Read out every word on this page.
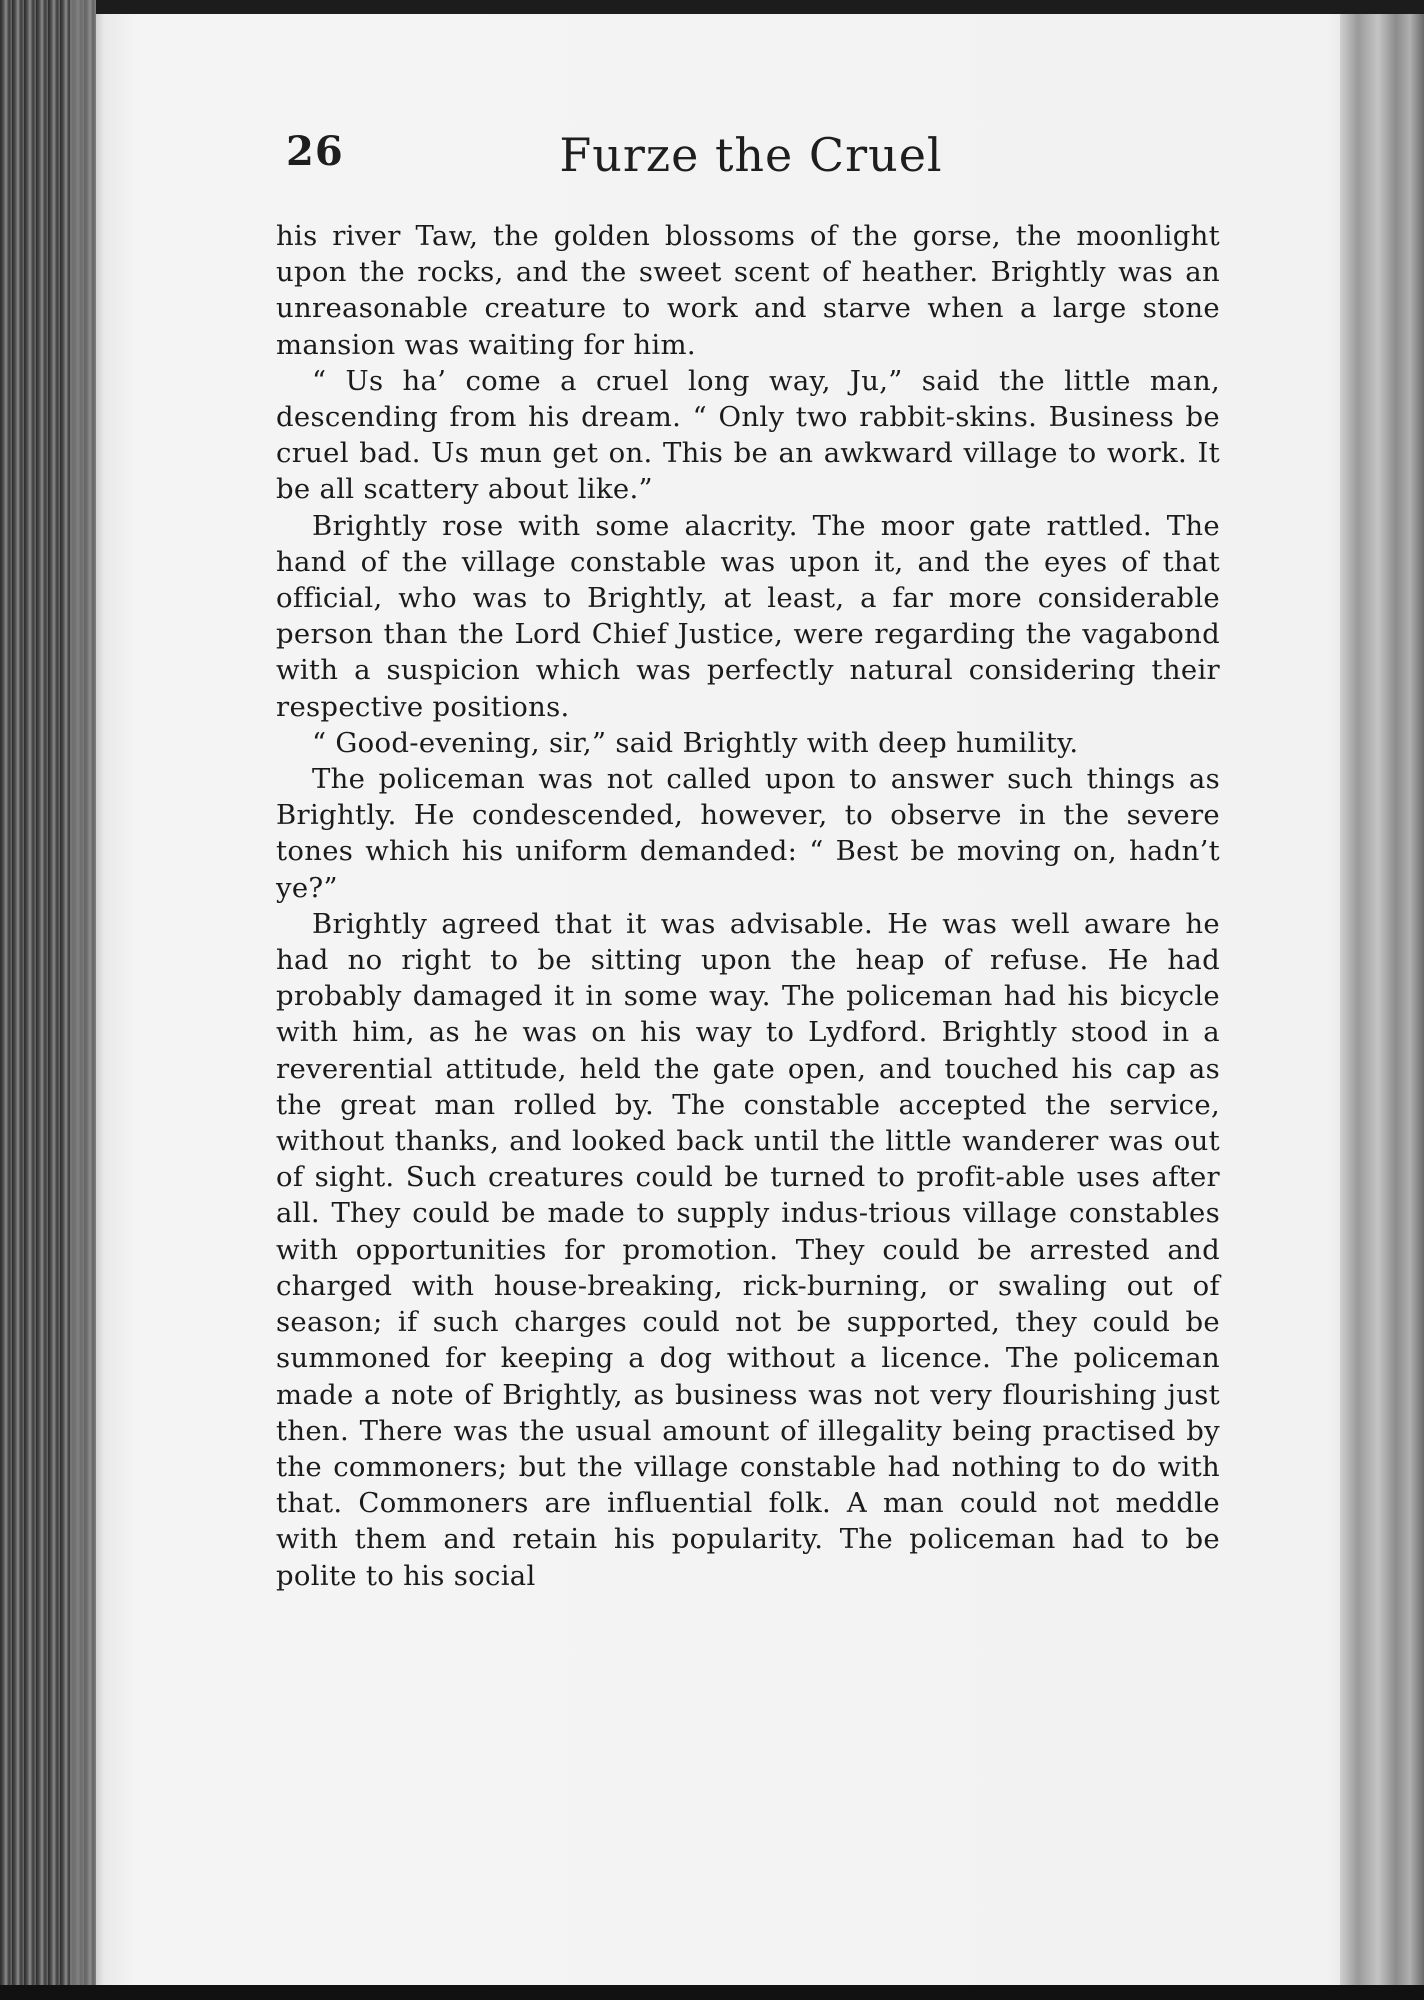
26	Furze the Cruel

his river Taw, the golden blossoms of the gorse, the moonlight upon the rocks, and the sweet scent of heather. Brightly was an unreasonable creature to work and starve when a large stone mansion was waiting for him.

“ Us ha’ come a cruel long way, Ju,” said the little man, descending from his dream. “ Only two rabbit-skins. Business be cruel bad. Us mun get on. This be an awkward village to work. It be all scattery about like.”

Brightly rose with some alacrity. The moor gate rattled. The hand of the village constable was upon it, and the eyes of that official, who was to Brightly, at least, a far more considerable person than the Lord Chief Justice, were regarding the vagabond with a suspicion which was perfectly natural considering their respective positions.

“ Good-evening, sir,” said Brightly with deep humility.

The policeman was not called upon to answer such things as Brightly. He condescended, however, to observe in the severe tones which his uniform demanded: “ Best be moving on, hadn’t ye?”

Brightly agreed that it was advisable. He was well aware he had no right to be sitting upon the heap of refuse. He had probably damaged it in some way. The policeman had his bicycle with him, as he was on his way to Lydford. Brightly stood in a reverential attitude, held the gate open, and touched his cap as the great man rolled by. The constable accepted the service, without thanks, and looked back until the little wanderer was out of sight. Such creatures could be turned to profit-able uses after all. They could be made to supply indus-trious village constables with opportunities for promotion. They could be arrested and charged with house-breaking, rick-burning, or swaling out of season; if such charges could not be supported, they could be summoned for keeping a dog without a licence. The policeman made a note of Brightly, as business was not very flourishing just then. There was the usual amount of illegality being practised by the commoners; but the village constable had nothing to do with that. Commoners are influential folk. A man could not meddle with them and retain his popularity. The policeman had to be polite to his social
